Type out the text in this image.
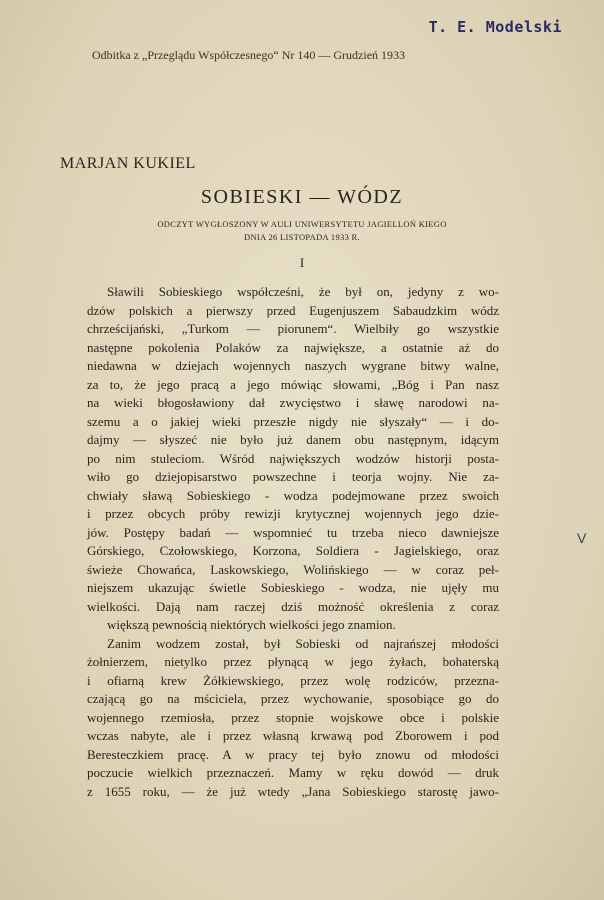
T. E. Modelski
Odbitka z „Przeglądu Współczesnego“ Nr 140 — Grudzień 1933
MARJAN KUKIEL
SOBIESKI — WÓDZ
ODCZYT WYGŁOSZONY W AULI UNIWERSYTETU JAGIELLOŃ KIEGO
DNIA 26 LISTOPADA 1933 R.
I
Sławili Sobieskiego współcześni, że był on, jedyny z wo-
dzów polskich a pierwszy przed Eugenjuszem Sabaudzkim wódz
chrześcijański, „Turkom — piorunem“. Wielbiły go wszystkie
następne pokolenia Polaków za największe, a ostatnie aż do
niedawna w dziejach wojennych naszych wygrane bitwy walne,
za to, że jego pracą a jego mówiąc słowami, „Bóg i Pan nasz
na wieki błogosławiony dał zwycięstwo i sławę narodowi na-
szemu a o jakiej wieki przeszłe nigdy nie słyszały“ — i do-
dajmy — słyszeć nie było już danem obu następnym, idącym
po nim stuleciom. Wśród największych wodzów historji posta-
wiło go dziejopisarstwo powszechne i teorja wojny. Nie za-
chwiały sławą Sobieskiego - wodza podejmowane przez swoich
i przez obcych próby rewizji krytycznej wojennych jego dzie-
jów. Postępy badań — wspomnieć tu trzeba nieco dawniejsze
Górskiego, Czołowskiego, Korzona, Soldiera - Jagielskiego, oraz
świeże Chowańca, Laskowskiego, Wolińskiego — w coraz peł-
niejszem ukazując świetle Sobieskiego - wodza, nie ujęły mu
wielkości. Dają nam raczej dziś możność określenia z coraz
większą pewnością niektórych wielkości jego znamion.
Zanim wodzem został, był Sobieski od najrańszej młodości
żołnierzem, nietylko przez płynącą w jego żyłach, bohaterską
i ofiarną krew Żółkiewskiego, przez wolę rodziców, przezna-
czającą go na mściciela, przez wychowanie, sposobiące go do
wojennego rzemiosła, przez stopnie wojskowe obce i polskie
wczas nabyte, ale i przez własną krwawą pod Zborowem i pod
Beresteczkiem pracę. A w pracy tej było znowu od młodości
poczucie wielkich przeznaczeń. Mamy w ręku dowód — druk
z 1655 roku, — że już wtedy „Jana Sobieskiego starostę jawo-
V
